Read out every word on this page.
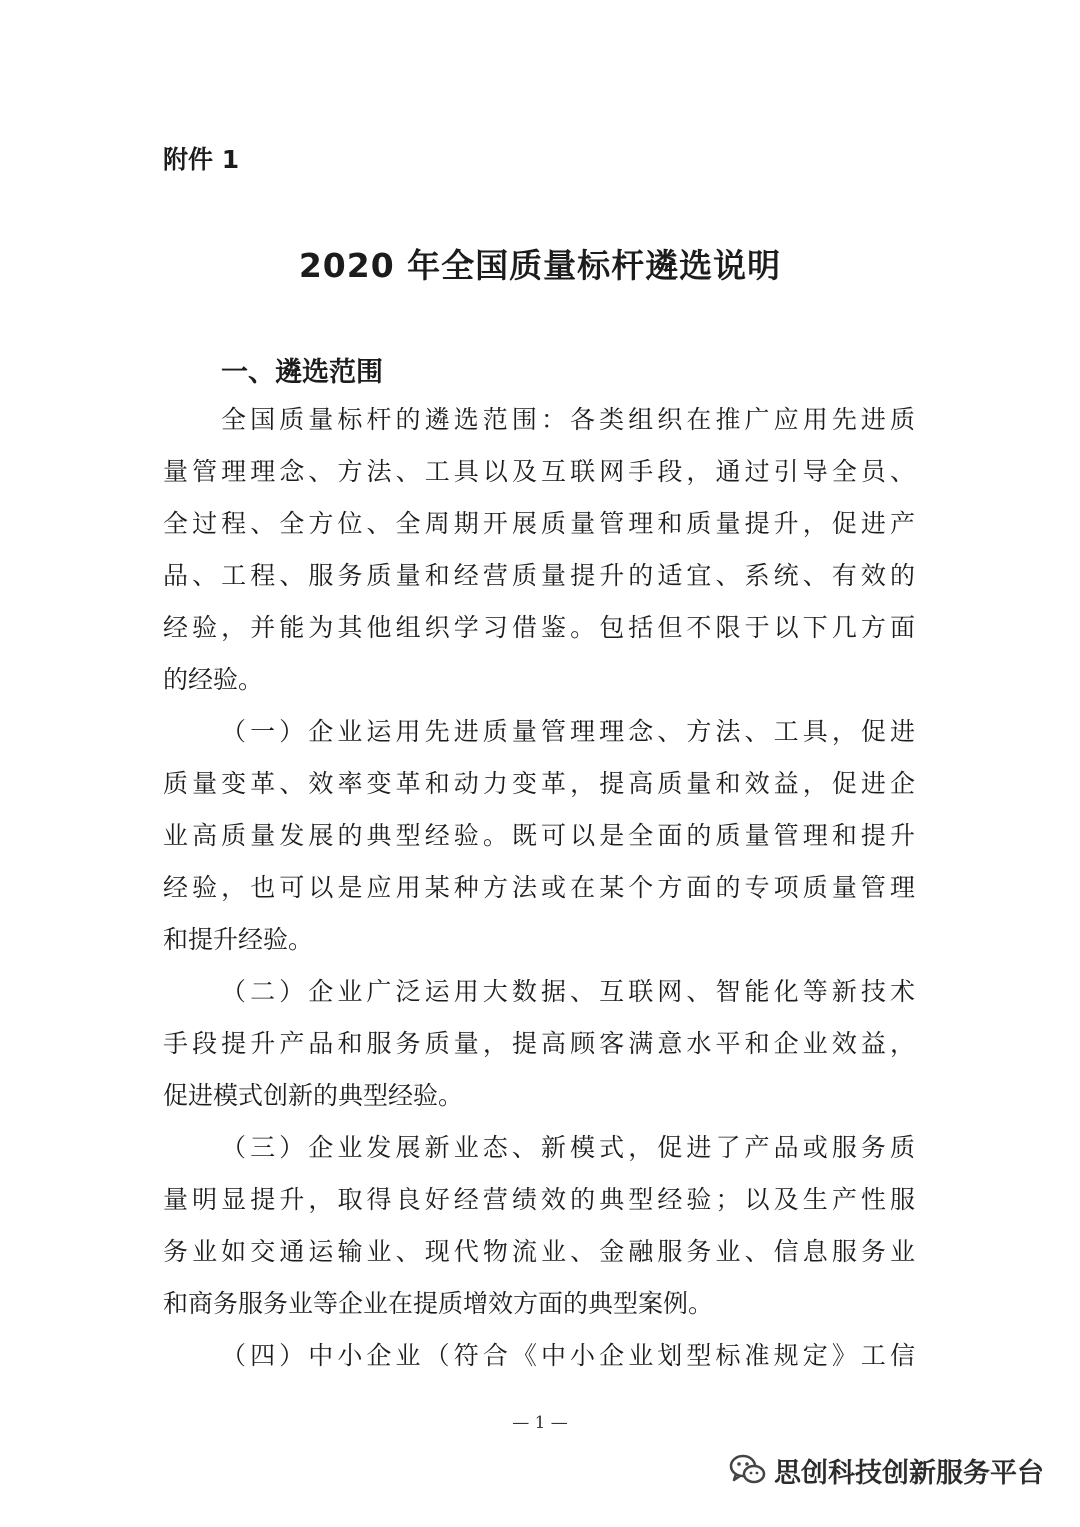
附件 1
2020 年全国质量标杆遴选说明
一、遴选范围
全国质量标杆的遴选范围：各类组织在推广应用先进质
量管理理念、方法、工具以及互联网手段，通过引导全员、
全过程、全方位、全周期开展质量管理和质量提升，促进产
品、工程、服务质量和经营质量提升的适宜、系统、有效的
经验，并能为其他组织学习借鉴。包括但不限于以下几方面
的经验。
（一）企业运用先进质量管理理念、方法、工具，促进
质量变革、效率变革和动力变革，提高质量和效益，促进企
业高质量发展的典型经验。既可以是全面的质量管理和提升
经验，也可以是应用某种方法或在某个方面的专项质量管理
和提升经验。
（二）企业广泛运用大数据、互联网、智能化等新技术
手段提升产品和服务质量，提高顾客满意水平和企业效益，
促进模式创新的典型经验。
（三）企业发展新业态、新模式，促进了产品或服务质
量明显提升，取得良好经营绩效的典型经验；以及生产性服
务业如交通运输业、现代物流业、金融服务业、信息服务业
和商务服务业等企业在提质增效方面的典型案例。
（四）中小企业（符合《中小企业划型标准规定》工信
— 1 —
思创科技创新服务平台
